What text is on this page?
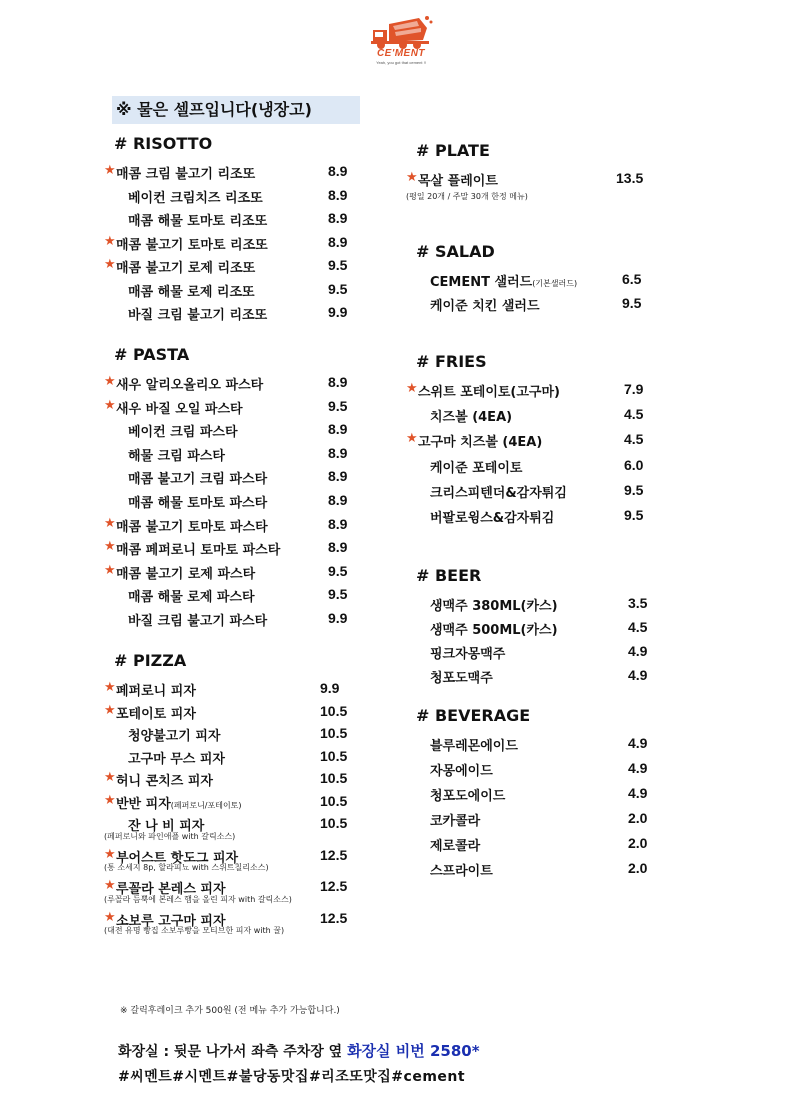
CE'MENT
Yeah, you got that cement !!
※ 물은 셀프입니다(냉장고)
# RISOTTO
★ 매콤 크림 불고기 리조또	8.9
베이컨 크림치즈 리조또	8.9
매콤 해물 토마토 리조또	8.9
★ 매콤 불고기 토마토 리조또	8.9
★ 매콤 불고기 로제 리조또	9.5
매콤 해물 로제 리조또	9.5
바질 크림 불고기 리조또	9.9
# PASTA
★ 새우 알리오올리오 파스타	8.9
★ 새우 바질 오일 파스타	9.5
베이컨 크림 파스타	8.9
해물 크림 파스타	8.9
매콤 불고기 크림 파스타	8.9
매콤 해물 토마토 파스타	8.9
★ 매콤 불고기 토마토 파스타	8.9
★ 매콤 페퍼로니 토마토 파스타	8.9
★ 매콤 불고기 로제 파스타	9.5
매콤 해물 로제 파스타	9.5
바질 크림 불고기 파스타	9.9
# PIZZA
★ 페퍼로니 피자	9.9
★ 포테이토 피자	10.5
청양불고기 피자	10.5
고구마 무스 피자	10.5
★ 허니 콘치즈 피자	10.5
★ 반반 피자(페퍼로니/포테이토)	10.5
잔 나 비 피자	10.5
(페퍼로니와 파인애플 with 갈릭소스)
★ 부어스트 핫도그 피자	12.5
(통 소세지 8p, 할라피뇨 with 스위트칠리소스)
★ 루꼴라 본레스 피자	12.5
(루꼴라 듬뿍에 본레스 햄을 올린 피자 with 갈릭소스)
★ 소보루 고구마 피자	12.5
(대전 유명 빵집 소보루빵을 모티브한 피자 with 꿀)
# PLATE
★ 목살 플레이트	13.5
(평일 20개 / 주말 30개 한정 메뉴)
# SALAD
CEMENT 샐러드(기본샐러드)	6.5
케이준 치킨 샐러드	9.5
# FRIES
★ 스위트 포테이토(고구마)	7.9
치즈볼 (4EA)	4.5
★ 고구마 치즈볼 (4EA)	4.5
케이준 포테이토	6.0
크리스피텐더&감자튀김	9.5
버팔로윙스&감자튀김	9.5
# BEER
생맥주 380ML(카스)	3.5
생맥주 500ML(카스)	4.5
핑크자몽맥주	4.9
청포도맥주	4.9
# BEVERAGE
블루레몬에이드	4.9
자몽에이드	4.9
청포도에이드	4.9
코카콜라	2.0
제로콜라	2.0
스프라이트	2.0
※ 갈릭후레이크 추가 500원 (전 메뉴 추가 가능합니다.)
화장실 : 뒷문 나가서 좌측 주차장 옆 화장실 비번 2580*
#씨멘트#시멘트#불당동맛집#리조또맛집#cement
